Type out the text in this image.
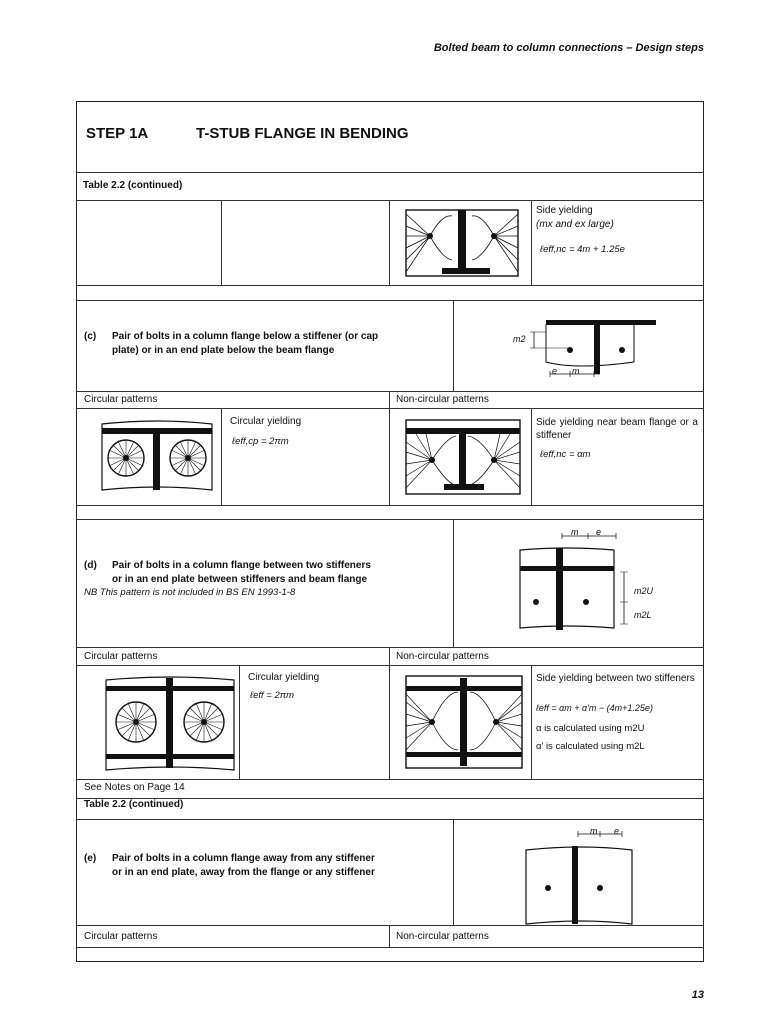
Bolted beam to column connections – Design steps
STEP 1A	T-STUB FLANGE IN BENDING
Table 2.2 (continued)
Side yielding
(mx and ex large)
ℓeff,nc = 4m + 1.25e
(c) Pair of bolts in a column flange below a stiffener (or cap
plate) or in an end plate below the beam flange
m2
e m
Circular patterns	Non-circular patterns
Circular yielding
ℓeff,cp = 2πm
Side yielding near beam flange or a stiffener
ℓeff,nc = αm
(d) Pair of bolts in a column flange between two stiffeners
or in an end plate between stiffeners and beam flange
NB This pattern is not included in BS EN 1993-1-8
m e
m2U
m2L
Circular patterns	Non-circular patterns
Circular yielding
ℓeff = 2πm
Side yielding between two stiffeners
ℓeff = αm + α'm − (4m+1.25e)
α is calculated using m2U
α' is calculated using m2L
See Notes on Page 14
Table 2.2 (continued)
(e) Pair of bolts in a column flange away from any stiffener
or in an end plate, away from the flange or any stiffener
m e
Circular patterns	Non-circular patterns
13
